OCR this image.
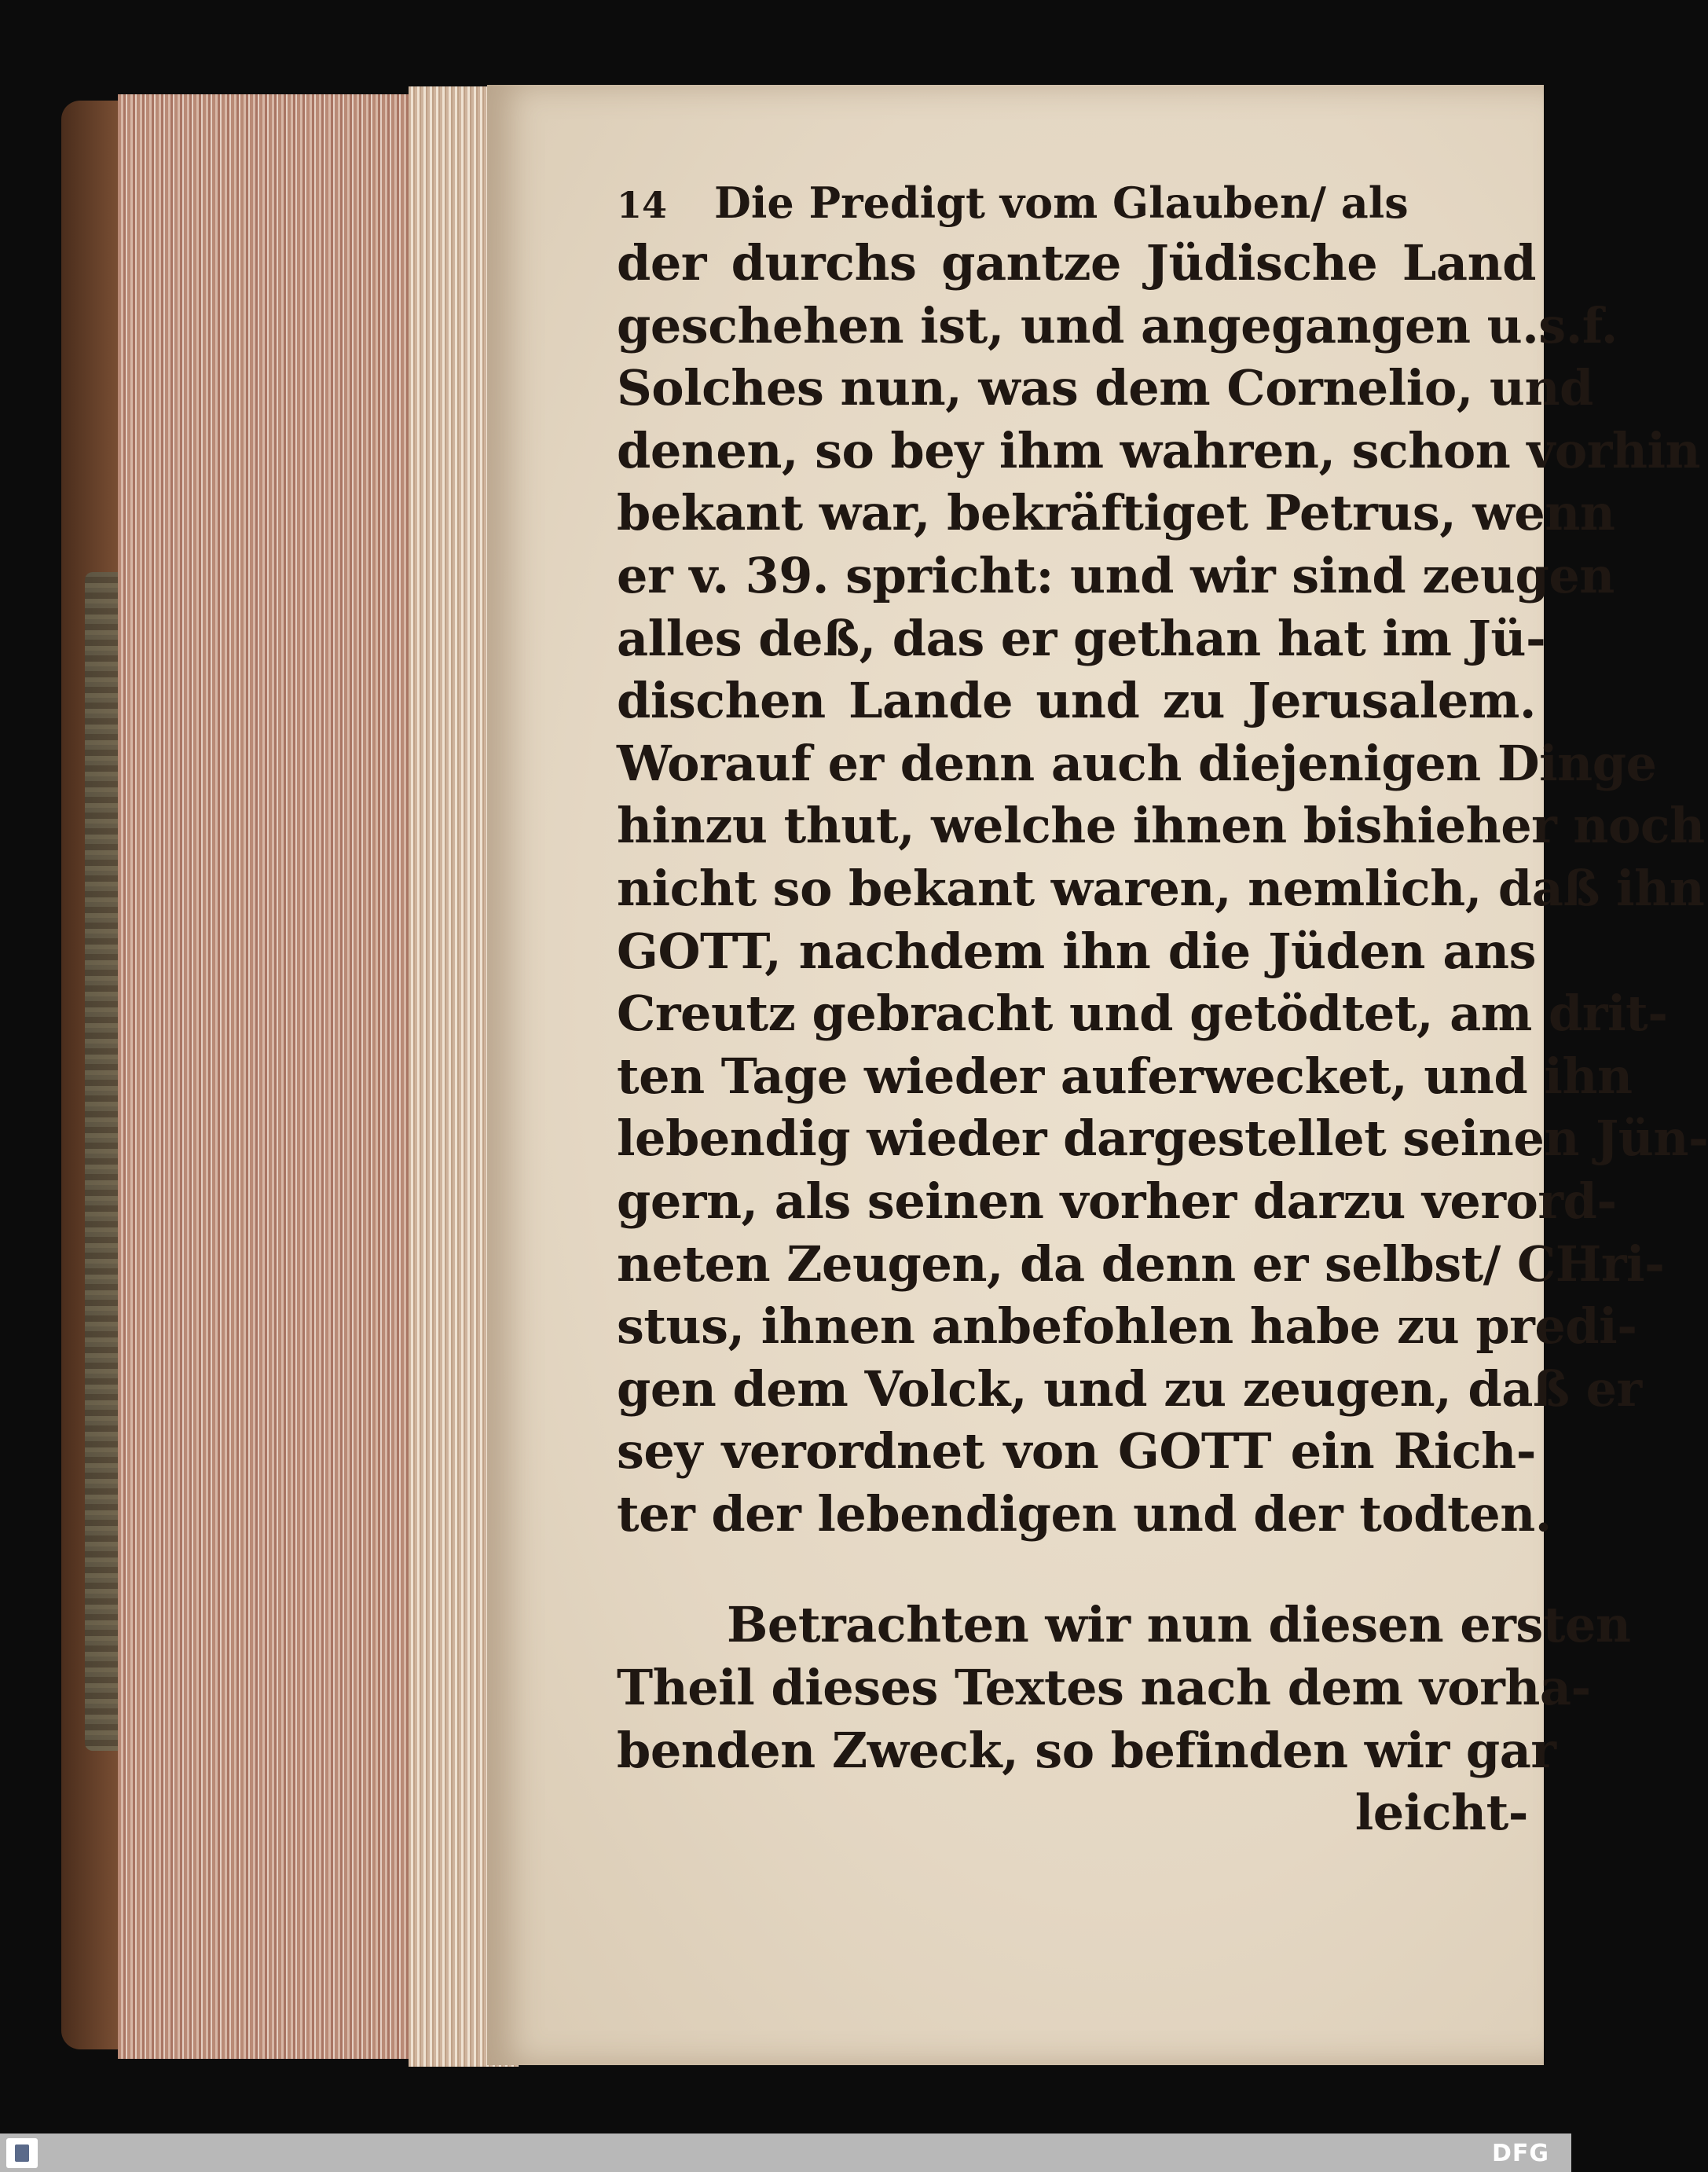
14 Die Predigt vom Glauben/ als
der durchs gantze Jüdische Land
geschehen ist, und angegangen u.s.f.
Solches nun, was dem Cornelio, und
denen, so bey ihm wahren, schon vorhin
bekant war, bekräftiget Petrus, wenn
er v. 39. spricht: und wir sind zeugen
alles deß, das er gethan hat im Jü-
dischen Lande und zu Jerusalem.
Worauf er denn auch diejenigen Dinge
hinzu thut, welche ihnen bishieher noch
nicht so bekant waren, nemlich, daß ihn
GOTT, nachdem ihn die Jüden ans
Creutz gebracht und getödtet, am drit-
ten Tage wieder auferwecket, und ihn
lebendig wieder dargestellet seinen Jün-
gern, als seinen vorher darzu verord-
neten Zeugen, da denn er selbst/ CHri-
stus, ihnen anbefohlen habe zu predi-
gen dem Volck, und zu zeugen, daß er
sey verordnet von GOTT ein Rich-
ter der lebendigen und der todten.
Betrachten wir nun diesen ersten
Theil dieses Textes nach dem vorha-
benden Zweck, so befinden wir gar
leicht-
DFG
